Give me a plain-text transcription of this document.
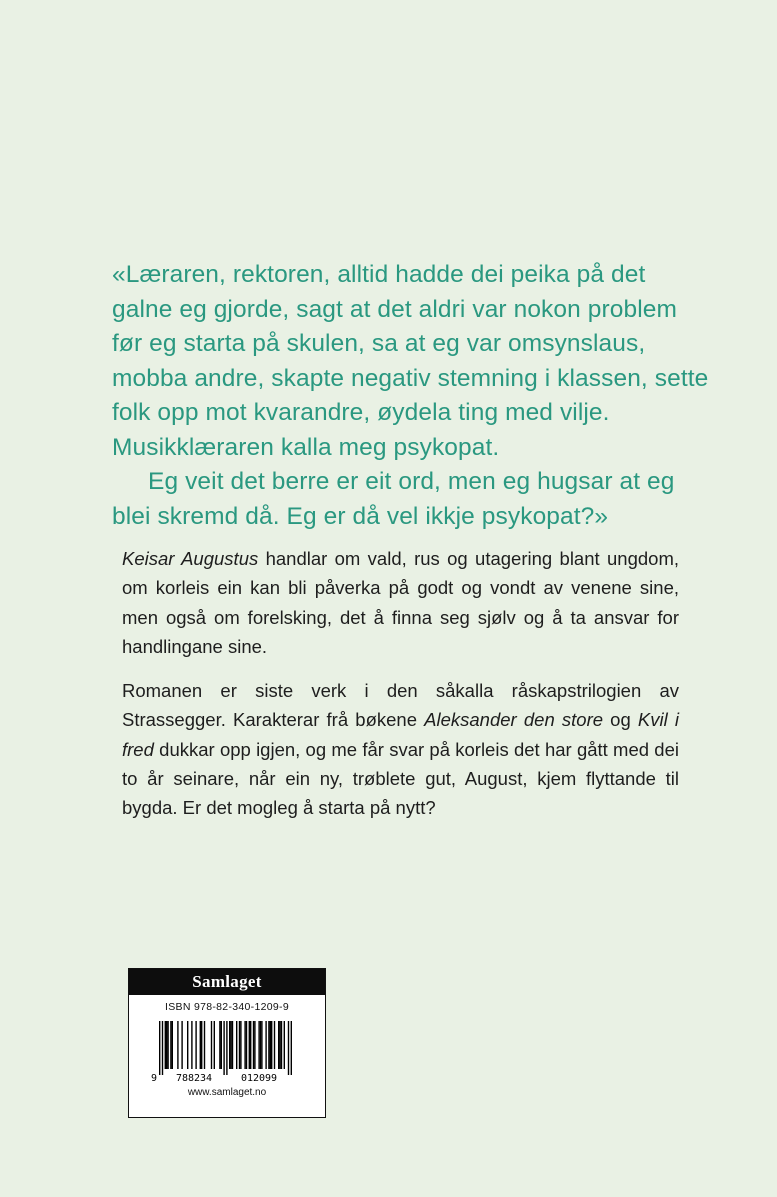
«Læraren, rektoren, alltid hadde dei peika på det galne eg gjorde, sagt at det aldri var nokon problem før eg starta på skulen, sa at eg var omsynslaus, mobba andre, skapte negativ stemning i klassen, sette folk opp mot kvarandre, øydela ting med vilje. Musikklæraren kalla meg psykopat.

Eg veit det berre er eit ord, men eg hugsar at eg blei skremd då. Eg er då vel ikkje psykopat?»

Keisar Augustus handlar om vald, rus og utagering blant ungdom, om korleis ein kan bli påverka på godt og vondt av venene sine, men også om forelsking, det å finna seg sjølv og å ta ansvar for handlingane sine.

Romanen er siste verk i den såkalla råskapstrilogien av Strassegger. Karakterar frå bøkene Aleksander den store og Kvil i fred dukkar opp igjen, og me får svar på korleis det har gått med dei to år seinare, når ein ny, trøblete gut, August, kjem flyttande til bygda. Er det mogleg å starta på nytt?

Samlaget
ISBN 978-82-340-1209-9
9 788234	012099
www.samlaget.no
